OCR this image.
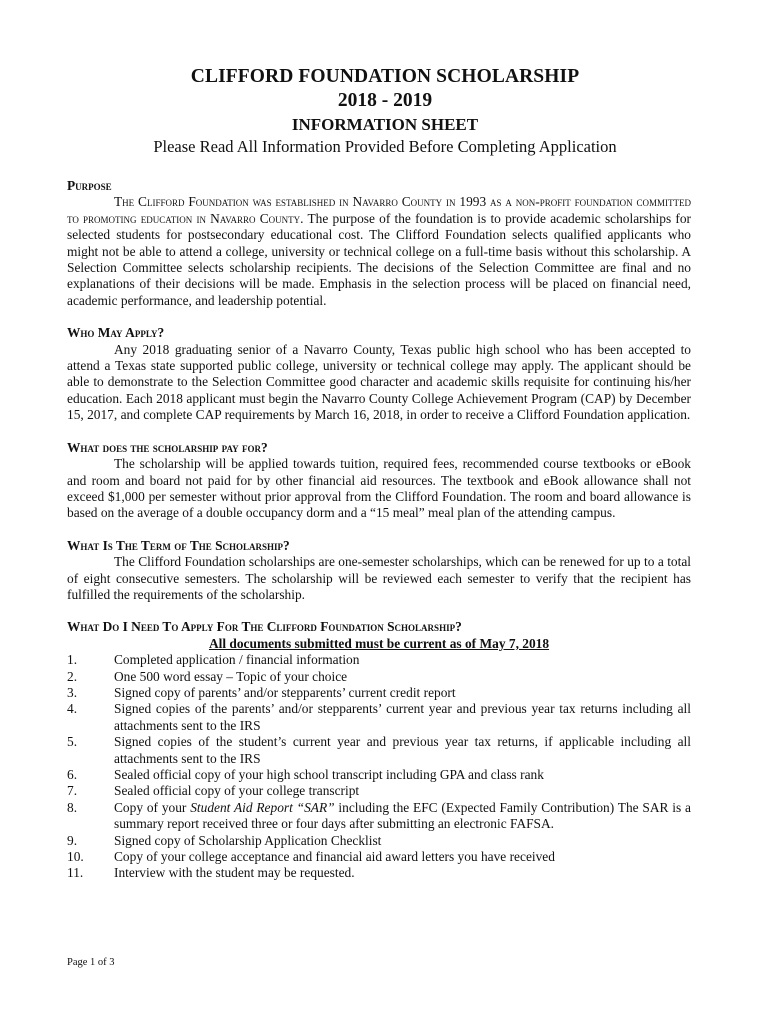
CLIFFORD FOUNDATION SCHOLARSHIP
2018 - 2019
INFORMATION SHEET
Please Read All Information Provided Before Completing Application

Purpose

The Clifford Foundation was established in Navarro County in 1993 as a non-profit foundation committed to promoting education in Navarro County. The purpose of the foundation is to provide academic scholarships for selected students for postsecondary educational cost. The Clifford Foundation selects qualified applicants who might not be able to attend a college, university or technical college on a full-time basis without this scholarship. A Selection Committee selects scholarship recipients. The decisions of the Selection Committee are final and no explanations of their decisions will be made. Emphasis in the selection process will be placed on financial need, academic performance, and leadership potential.

Who May Apply?

Any 2018 graduating senior of a Navarro County, Texas public high school who has been accepted to attend a Texas state supported public college, university or technical college may apply. The applicant should be able to demonstrate to the Selection Committee good character and academic skills requisite for continuing his/her education. Each 2018 applicant must begin the Navarro County College Achievement Program (CAP) by December 15, 2017, and complete CAP requirements by March 16, 2018, in order to receive a Clifford Foundation application.

What does the scholarship pay for?

The scholarship will be applied towards tuition, required fees, recommended course textbooks or eBook and room and board not paid for by other financial aid resources. The textbook and eBook allowance shall not exceed $1,000 per semester without prior approval from the Clifford Foundation. The room and board allowance is based on the average of a double occupancy dorm and a “15 meal” meal plan of the attending campus.

What Is The Term of The Scholarship?

The Clifford Foundation scholarships are one-semester scholarships, which can be renewed for up to a total of eight consecutive semesters. The scholarship will be reviewed each semester to verify that the recipient has fulfilled the requirements of the scholarship.

What Do I Need To Apply For The Clifford Foundation Scholarship?

All documents submitted must be current as of May 7, 2018

1.	Completed application / financial information
2.	One 500 word essay – Topic of your choice
3.	Signed copy of parents’ and/or stepparents’ current credit report
4.	Signed copies of the parents’ and/or stepparents’ current year and previous year tax returns including all attachments sent to the IRS
5.	Signed copies of the student’s current year and previous year tax returns, if applicable including all attachments sent to the IRS
6.	Sealed official copy of your high school transcript including GPA and class rank
7.	Sealed official copy of your college transcript
8.	Copy of your Student Aid Report “SAR” including the EFC (Expected Family Contribution) The SAR is a summary report received three or four days after submitting an electronic FAFSA.
9.	Signed copy of Scholarship Application Checklist
10.	Copy of your college acceptance and financial aid award letters you have received
11.	Interview with the student may be requested.
Page 1 of 3
